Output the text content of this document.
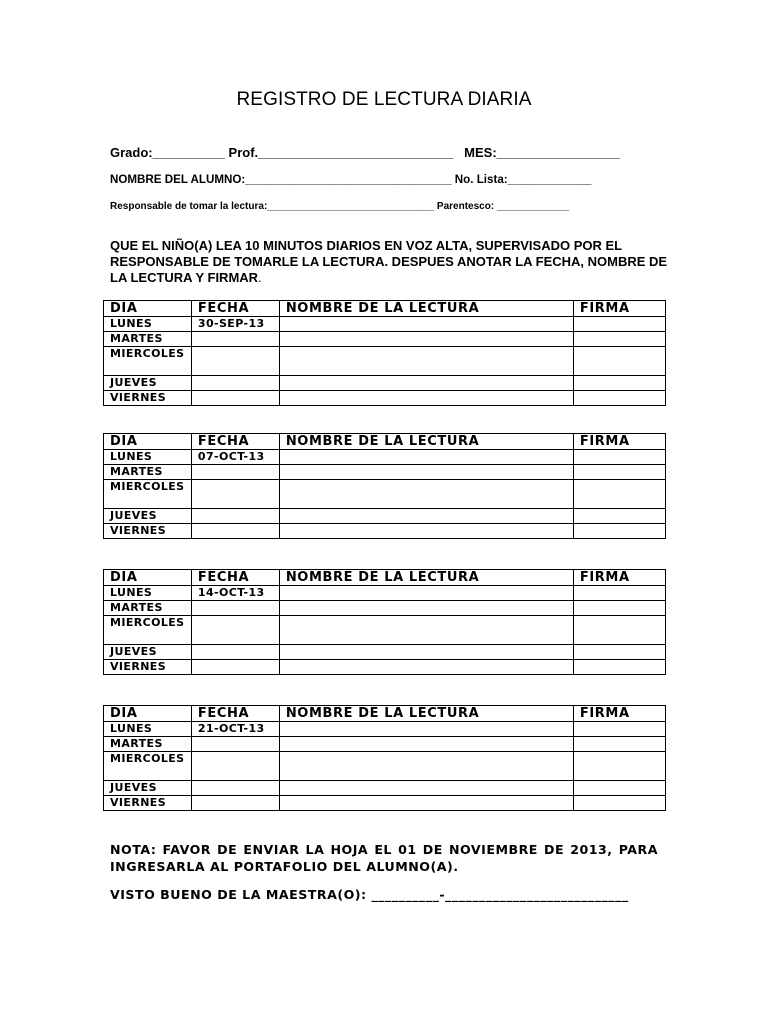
REGISTRO DE LECTURA DIARIA
Grado:__________ Prof.___________________________   MES:_________________
NOMBRE DEL ALUMNO:________________________________ No. Lista:_____________
Responsable de tomar la lectura:______________________________ Parentesco: _____________
QUE EL NIÑO(A) LEA 10 MINUTOS DIARIOS EN VOZ ALTA, SUPERVISADO POR EL RESPONSABLE DE TOMARLE LA LECTURA. DESPUES ANOTAR LA FECHA, NOMBRE DE LA LECTURA Y FIRMAR.
DIA	FECHA	NOMBRE DE LA LECTURA	FIRMA
LUNES	30-SEP-13		
MARTES			
MIERCOLES			
JUEVES			
VIERNES			
DIA	FECHA	NOMBRE DE LA LECTURA	FIRMA
LUNES	07-OCT-13		
MARTES			
MIERCOLES			
JUEVES			
VIERNES			
DIA	FECHA	NOMBRE DE LA LECTURA	FIRMA
LUNES	14-OCT-13		
MARTES			
MIERCOLES			
JUEVES			
VIERNES			
DIA	FECHA	NOMBRE DE LA LECTURA	FIRMA
LUNES	21-OCT-13		
MARTES			
MIERCOLES			
JUEVES			
VIERNES			
NOTA: FAVOR DE ENVIAR LA HOJA EL 01 DE NOVIEMBRE DE 2013, PARA INGRESARLA AL PORTAFOLIO DEL ALUMNO(A).
VISTO BUENO DE LA MAESTRA(O): __________-___________________________
